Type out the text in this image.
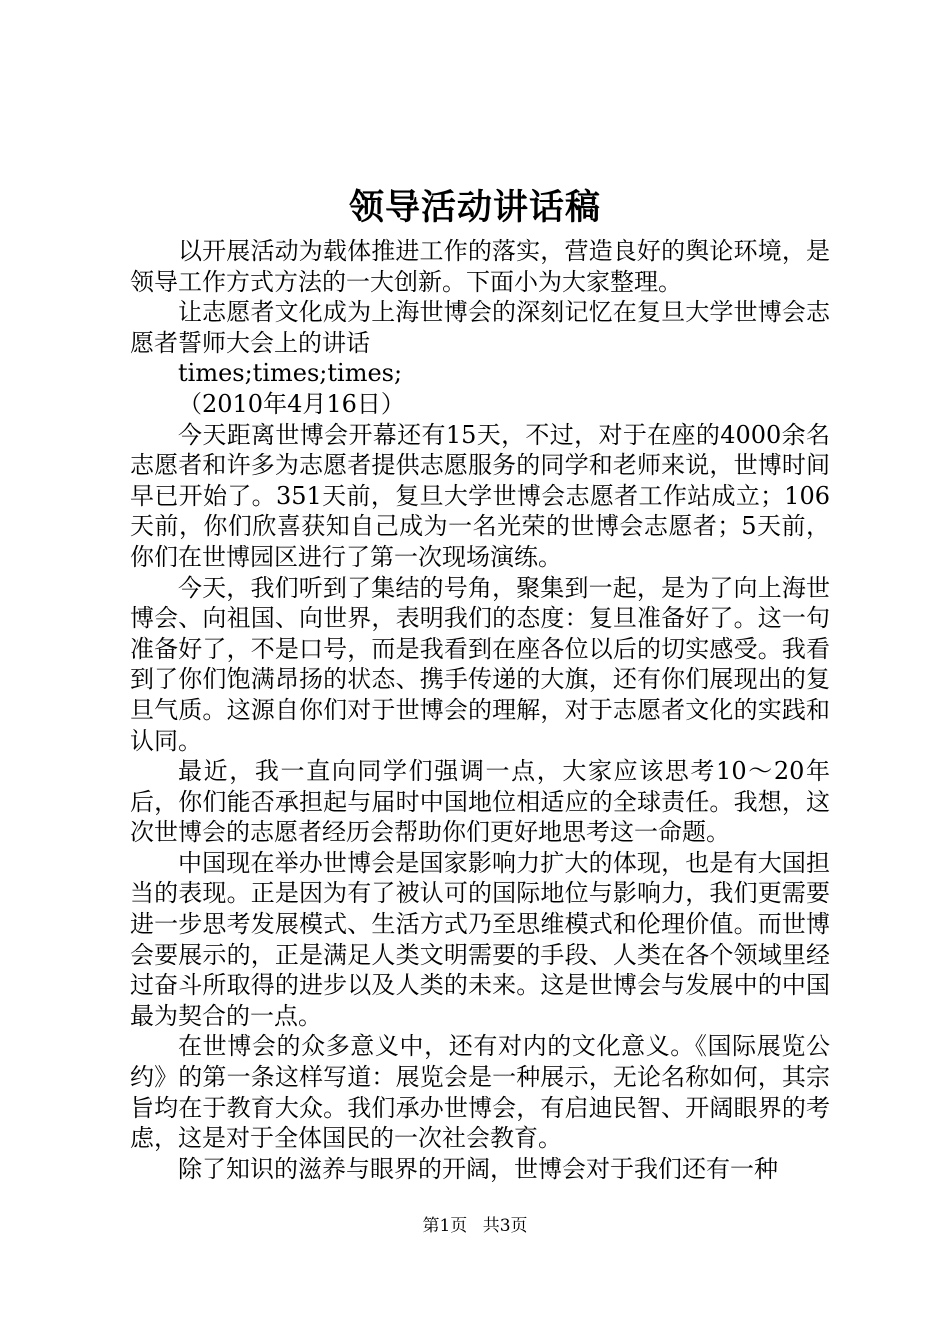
领导活动讲话稿

以开展活动为载体推进工作的落实，营造良好的舆论环境，是领导工作方式方法的一大创新。下面小为大家整理。

让志愿者文化成为上海世博会的深刻记忆在复旦大学世博会志愿者誓师大会上的讲话

times;times;times;

（2010年4月16日）

今天距离世博会开幕还有15天，不过，对于在座的4000余名志愿者和许多为志愿者提供志愿服务的同学和老师来说，世博时间早已开始了。351天前，复旦大学世博会志愿者工作站成立；106天前，你们欣喜获知自己成为一名光荣的世博会志愿者；5天前，你们在世博园区进行了第一次现场演练。

今天，我们听到了集结的号角，聚集到一起，是为了向上海世博会、向祖国、向世界，表明我们的态度：复旦准备好了。这一句准备好了，不是口号，而是我看到在座各位以后的切实感受。我看到了你们饱满昂扬的状态、携手传递的大旗，还有你们展现出的复旦气质。这源自你们对于世博会的理解，对于志愿者文化的实践和认同。

最近，我一直向同学们强调一点，大家应该思考10～20年后，你们能否承担起与届时中国地位相适应的全球责任。我想，这次世博会的志愿者经历会帮助你们更好地思考这一命题。

中国现在举办世博会是国家影响力扩大的体现，也是有大国担当的表现。正是因为有了被认可的国际地位与影响力，我们更需要进一步思考发展模式、生活方式乃至思维模式和伦理价值。而世博会要展示的，正是满足人类文明需要的手段、人类在各个领域里经过奋斗所取得的进步以及人类的未来。这是世博会与发展中的中国最为契合的一点。

在世博会的众多意义中，还有对内的文化意义。《国际展览公约》的第一条这样写道：展览会是一种展示，无论名称如何，其宗旨均在于教育大众。我们承办世博会，有启迪民智、开阔眼界的考虑，这是对于全体国民的一次社会教育。

除了知识的滋养与眼界的开阔，世博会对于我们还有一种

第1页 共3页
